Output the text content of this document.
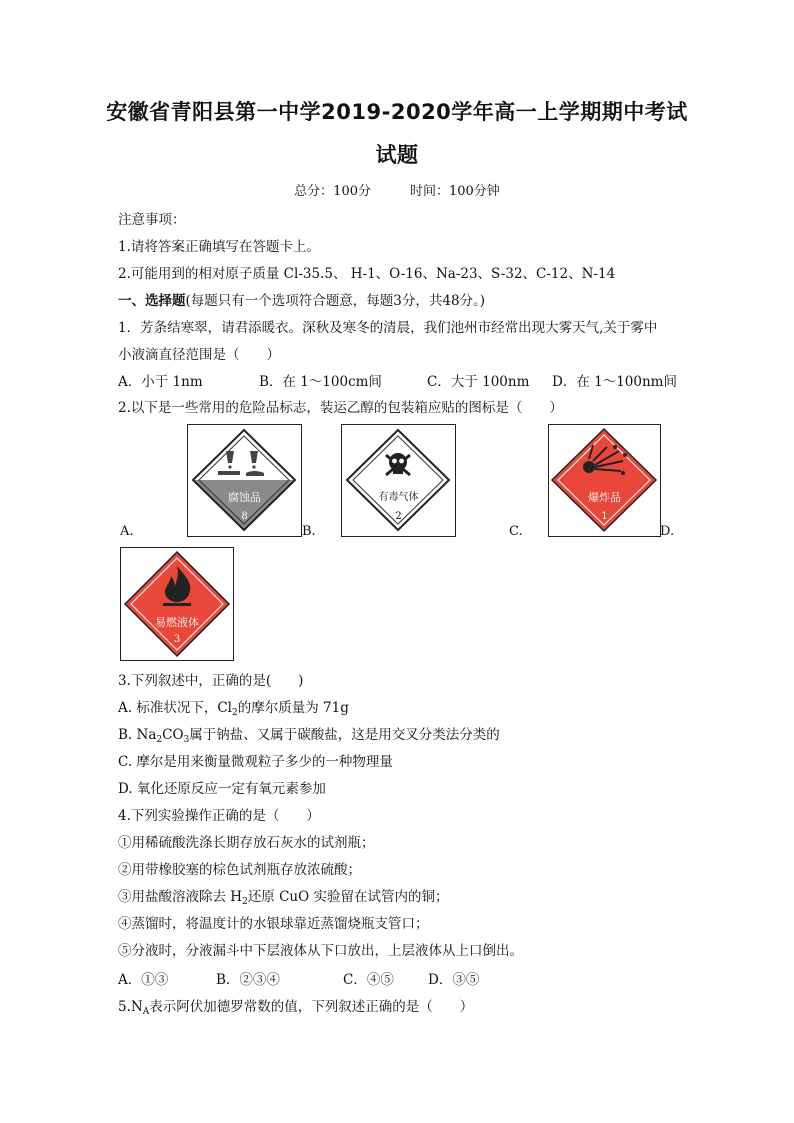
安徽省青阳县第一中学2019-2020学年高一上学期期中考试
试题
总分：100分　　　时间：100分钟
注意事项：
1.请将答案正确填写在答题卡上。
2.可能用到的相对原子质量 Cl-35.5、 H-1、O-16、Na-23、S-32、C-12、N-14
一、选择题(每题只有一个选项符合题意，每题3分，共48分。)
1．芳条结寒翠，请君添暖衣。深秋及寒冬的清晨，我们池州市经常出现大雾天气,关于雾中
小液滴直径范围是（　　）
A．小于 1nm	B．在 1～100cm间	C．大于 100nm D．在 1～100nm间
2.以下是一些常用的危险品标志，装运乙醇的包装箱应贴的图标是（　　）
腐蚀品
8
A.
有毒气体
2
B.
爆炸品
1
C.	D.
易燃液体
3
3.下列叙述中，正确的是(　　)
A. 标准状况下，$Cl_2$的摩尔质量为 71g
B. $Na_2CO_3$属于钠盐、又属于碳酸盐，这是用交叉分类法分类的
C. 摩尔是用来衡量微观粒子多少的一种物理量
D. 氧化还原反应一定有氧元素参加
4.下列实验操作正确的是（　　）
①用稀硫酸洗涤长期存放石灰水的试剂瓶；
②用带橡胶塞的棕色试剂瓶存放浓硫酸；
③用盐酸溶液除去 $H_2$还原 CuO 实验留在试管内的铜；
④蒸馏时，将温度计的水银球靠近蒸馏烧瓶支管口；
⑤分液时，分液漏斗中下层液体从下口放出，上层液体从上口倒出。
A．①③	B．②③④	C．④⑤	D．③⑤
$5.N_A$表示阿伏加德罗常数的值，下列叙述正确的是（　　）
